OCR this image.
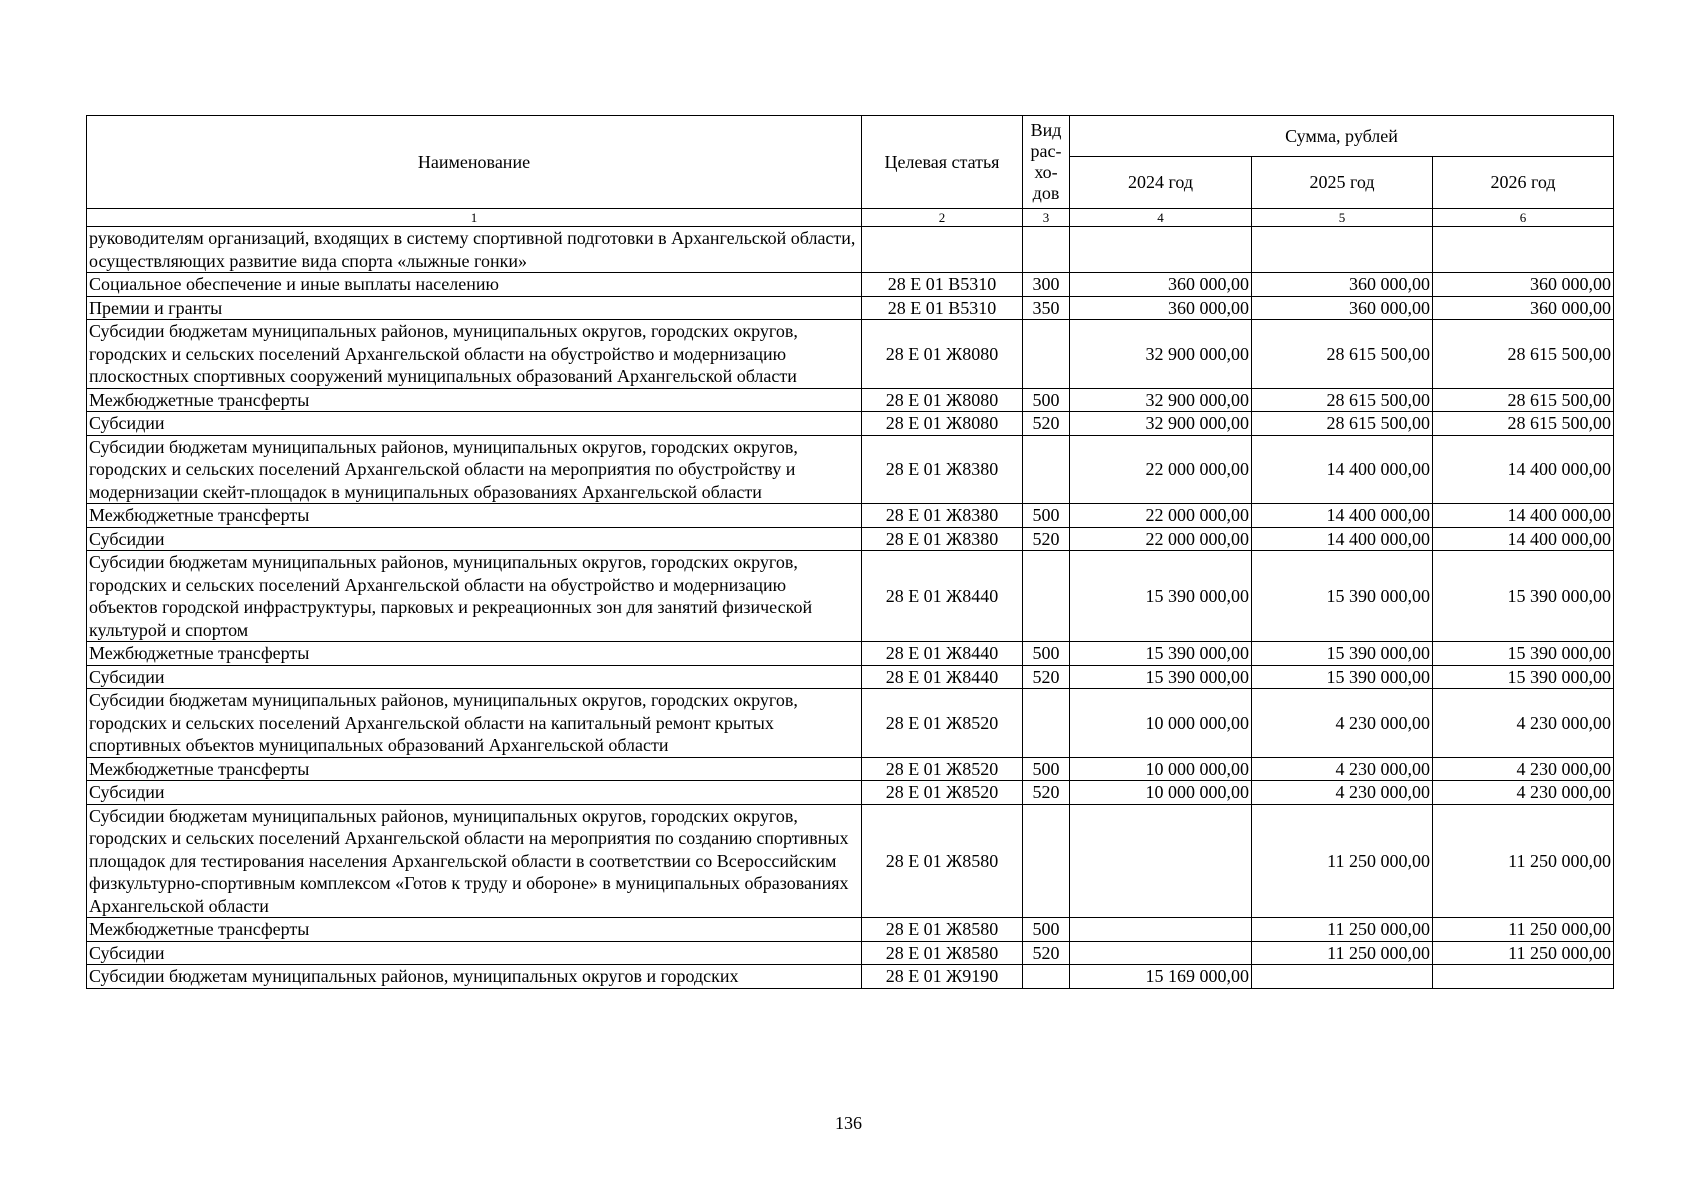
Наименование	Целевая статья	Вид рас-хо-дов	Сумма, рублей		
			2024 год	2025 год	2026 год
1	2	3	4	5	6
руководителям организаций, входящих в систему спортивной подготовки в Архангельской области, осуществляющих развитие вида спорта «лыжные гонки»					
Социальное обеспечение и иные выплаты населению	28 Е 01 В5310	300	360 000,00	360 000,00	360 000,00
Премии и гранты	28 Е 01 В5310	350	360 000,00	360 000,00	360 000,00
Субсидии бюджетам муниципальных районов, муниципальных округов, городских округов, городских и сельских поселений Архангельской области на обустройство и модернизацию плоскостных спортивных сооружений муниципальных образований Архангельской области	28 Е 01 Ж8080		32 900 000,00	28 615 500,00	28 615 500,00
Межбюджетные трансферты	28 Е 01 Ж8080	500	32 900 000,00	28 615 500,00	28 615 500,00
Субсидии	28 Е 01 Ж8080	520	32 900 000,00	28 615 500,00	28 615 500,00
Субсидии бюджетам муниципальных районов, муниципальных округов, городских округов, городских и сельских поселений Архангельской области на мероприятия по обустройству и модернизации скейт-площадок в муниципальных образованиях Архангельской области	28 Е 01 Ж8380		22 000 000,00	14 400 000,00	14 400 000,00
Межбюджетные трансферты	28 Е 01 Ж8380	500	22 000 000,00	14 400 000,00	14 400 000,00
Субсидии	28 Е 01 Ж8380	520	22 000 000,00	14 400 000,00	14 400 000,00
Субсидии бюджетам муниципальных районов, муниципальных округов, городских округов, городских и сельских поселений Архангельской области на обустройство и модернизацию объектов городской инфраструктуры, парковых и рекреационных зон для занятий физической культурой и спортом	28 Е 01 Ж8440		15 390 000,00	15 390 000,00	15 390 000,00
Межбюджетные трансферты	28 Е 01 Ж8440	500	15 390 000,00	15 390 000,00	15 390 000,00
Субсидии	28 Е 01 Ж8440	520	15 390 000,00	15 390 000,00	15 390 000,00
Субсидии бюджетам муниципальных районов, муниципальных округов, городских округов, городских и сельских поселений Архангельской области на капитальный ремонт крытых спортивных объектов муниципальных образований Архангельской области	28 Е 01 Ж8520		10 000 000,00	4 230 000,00	4 230 000,00
Межбюджетные трансферты	28 Е 01 Ж8520	500	10 000 000,00	4 230 000,00	4 230 000,00
Субсидии	28 Е 01 Ж8520	520	10 000 000,00	4 230 000,00	4 230 000,00
Субсидии бюджетам муниципальных районов, муниципальных округов, городских округов, городских и сельских поселений Архангельской области на мероприятия по созданию спортивных площадок для тестирования населения Архангельской области в соответствии со Всероссийским физкультурно-спортивным комплексом «Готов к труду и обороне» в муниципальных образованиях Архангельской области	28 Е 01 Ж8580			11 250 000,00	11 250 000,00
Межбюджетные трансферты	28 Е 01 Ж8580	500		11 250 000,00	11 250 000,00
Субсидии	28 Е 01 Ж8580	520		11 250 000,00	11 250 000,00
Субсидии бюджетам муниципальных районов, муниципальных округов и городских	28 Е 01 Ж9190		15 169 000,00		
136
